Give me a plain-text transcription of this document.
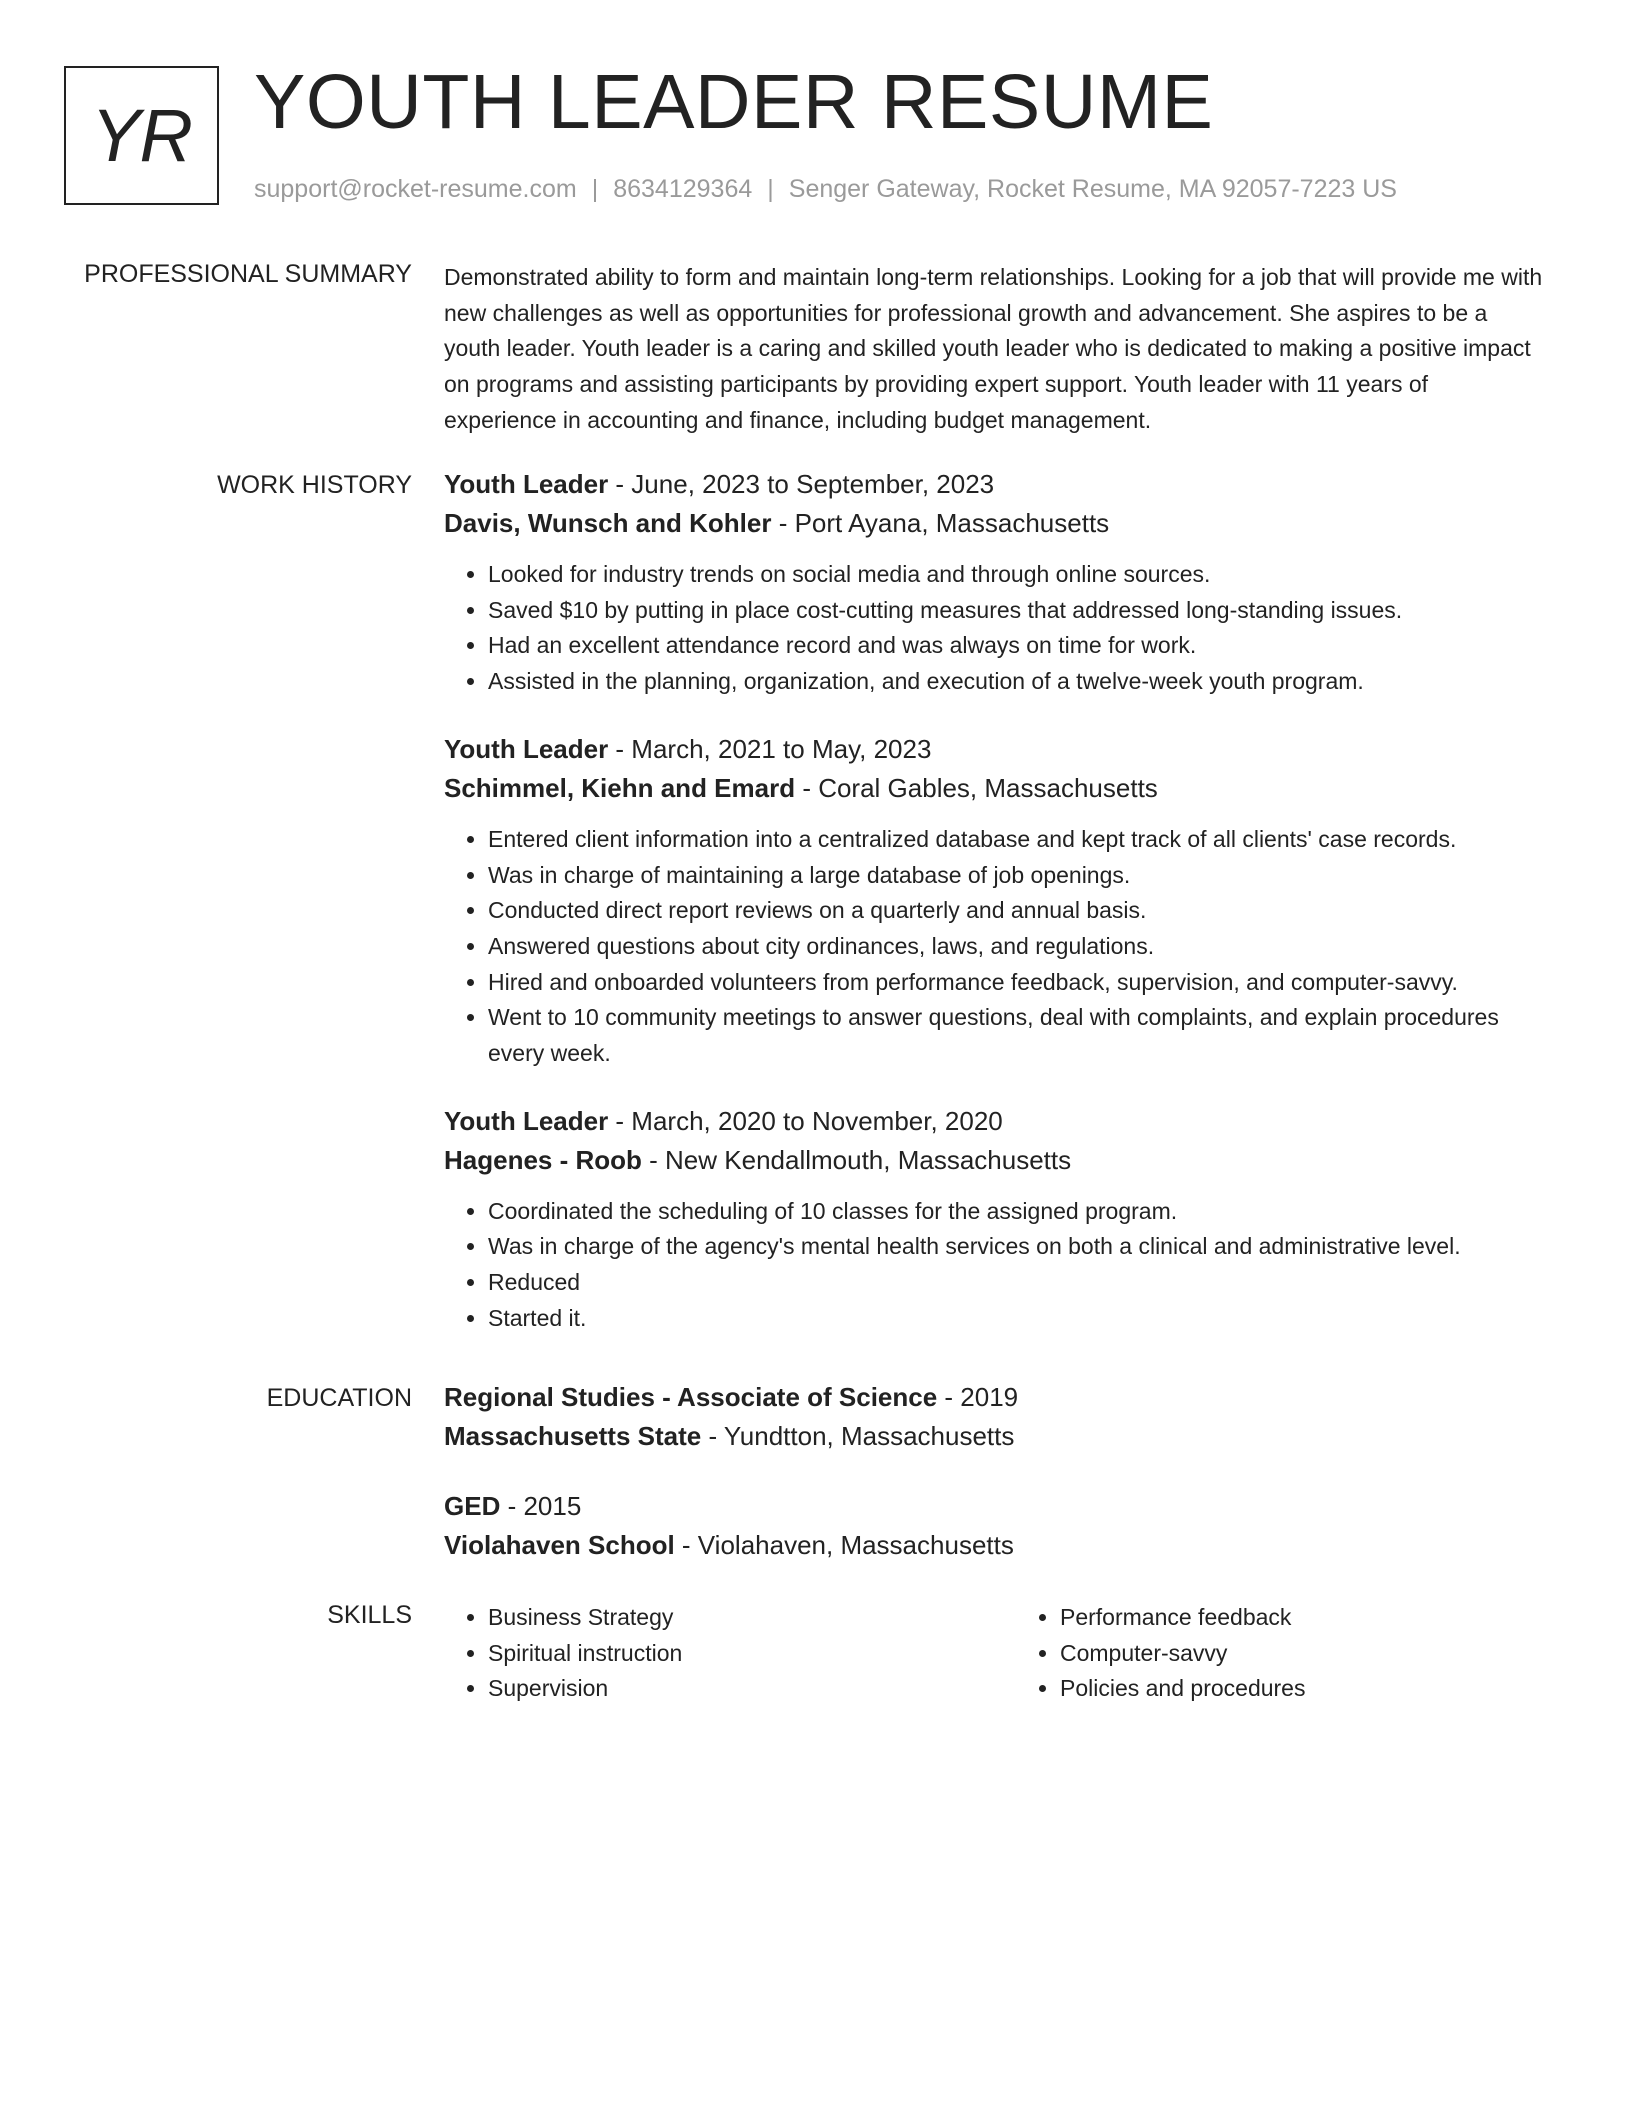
YR YOUTH LEADER RESUME
support@rocket-resume.com | 8634129364 | Senger Gateway, Rocket Resume, MA 92057-7223 US
PROFESSIONAL SUMMARY Demonstrated ability to form and maintain long-term relationships. Looking for a job that will provide me with new challenges as well as opportunities for professional growth and advancement. She aspires to be a youth leader. Youth leader is a caring and skilled youth leader who is dedicated to making a positive impact on programs and assisting participants by providing expert support. Youth leader with 11 years of experience in accounting and finance, including budget management.

WORK HISTORY Youth Leader - June, 2023 to September, 2023
Davis, Wunsch and Kohler - Port Ayana, Massachusetts
• Looked for industry trends on social media and through online sources.
• Saved $10 by putting in place cost-cutting measures that addressed long-standing issues.
• Had an excellent attendance record and was always on time for work.
• Assisted in the planning, organization, and execution of a twelve-week youth program.
Youth Leader - March, 2021 to May, 2023
Schimmel, Kiehn and Emard - Coral Gables, Massachusetts
• Entered client information into a centralized database and kept track of all clients' case records.
• Was in charge of maintaining a large database of job openings.
• Conducted direct report reviews on a quarterly and annual basis.
• Answered questions about city ordinances, laws, and regulations.
• Hired and onboarded volunteers from performance feedback, supervision, and computer-savvy.
• Went to 10 community meetings to answer questions, deal with complaints, and explain procedures every week.
Youth Leader - March, 2020 to November, 2020
Hagenes - Roob - New Kendallmouth, Massachusetts
• Coordinated the scheduling of 10 classes for the assigned program.
• Was in charge of the agency's mental health services on both a clinical and administrative level.
• Reduced
• Started it.
EDUCATION Regional Studies - Associate of Science - 2019
Massachusetts State - Yundtton, Massachusetts
GED - 2015
Violahaven School - Violahaven, Massachusetts
SKILLS
•	Business Strategy
• Spiritual instruction
• Supervision
• Performance feedback
• Computer-savvy
• Policies and procedures
